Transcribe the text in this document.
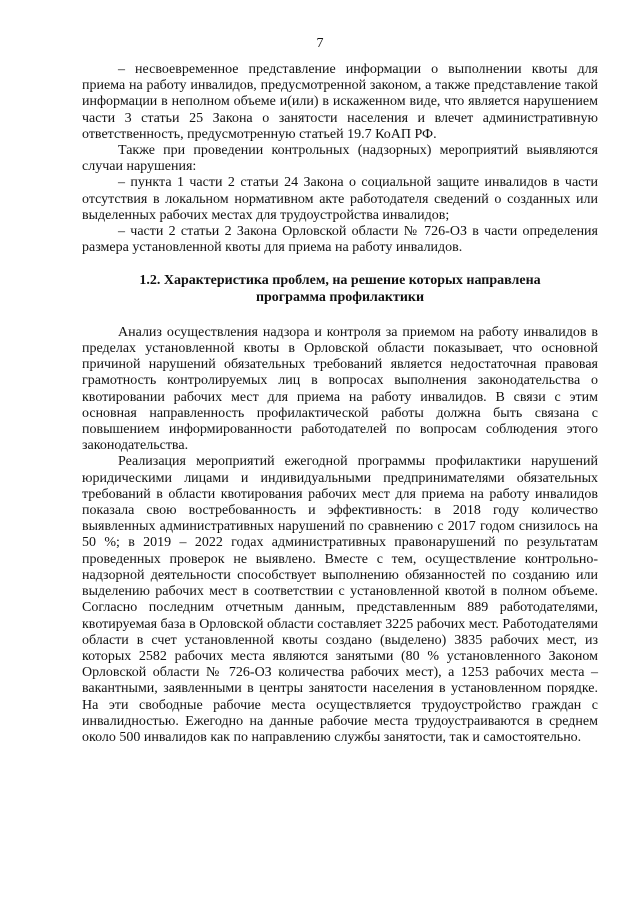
7

– несвоевременное представление информации о выполнении квоты для приема на работу инвалидов, предусмотренной законом, а также представление такой информации в неполном объеме и(или) в искаженном виде, что является нарушением части 3 статьи 25 Закона о занятости населения и влечет административную ответственность, предусмотренную статьей 19.7 КоАП РФ.

Также при проведении контрольных (надзорных) мероприятий выявляются случаи нарушения:

– пункта 1 части 2 статьи 24 Закона о социальной защите инвалидов в части отсутствия в локальном нормативном акте работодателя сведений о созданных или выделенных рабочих местах для трудоустройства инвалидов;

– части 2 статьи 2 Закона Орловской области № 726-ОЗ в части определения размера установленной квоты для приема на работу инвалидов.

1.2. Характеристика проблем, на решение которых направлена программа профилактики

Анализ осуществления надзора и контроля за приемом на работу инвалидов в пределах установленной квоты в Орловской области показывает, что основной причиной нарушений обязательных требований является недостаточная правовая грамотность контролируемых лиц в вопросах выполнения законодательства о квотировании рабочих мест для приема на работу инвалидов. В связи с этим основная направленность профилактической работы должна быть связана с повышением информированности работодателей по вопросам соблюдения этого законодательства.

Реализация мероприятий ежегодной программы профилактики нарушений юридическими лицами и индивидуальными предпринимателями обязательных требований в области квотирования рабочих мест для приема на работу инвалидов показала свою востребованность и эффективность: в 2018 году количество выявленных административных нарушений по сравнению с 2017 годом снизилось на 50 %; в 2019 – 2022 годах административных правонарушений по результатам проведенных проверок не выявлено. Вместе с тем, осуществление контрольно-надзорной деятельности способствует выполнению обязанностей по созданию или выделению рабочих мест в соответствии с установленной квотой в полном объеме. Согласно последним отчетным данным, представленным 889 работодателями, квотируемая база в Орловской области составляет 3225 рабочих мест. Работодателями области в счет установленной квоты создано (выделено) 3835 рабочих мест, из которых 2582 рабочих места являются занятыми (80 % установленного Законом Орловской области № 726-ОЗ количества рабочих мест), а 1253 рабочих места – вакантными, заявленными в центры занятости населения в установленном порядке. На эти свободные рабочие места осуществляется трудоустройство граждан с инвалидностью. Ежегодно на данные рабочие места трудоустраиваются в среднем около 500 инвалидов как по направлению службы занятости, так и самостоятельно.
